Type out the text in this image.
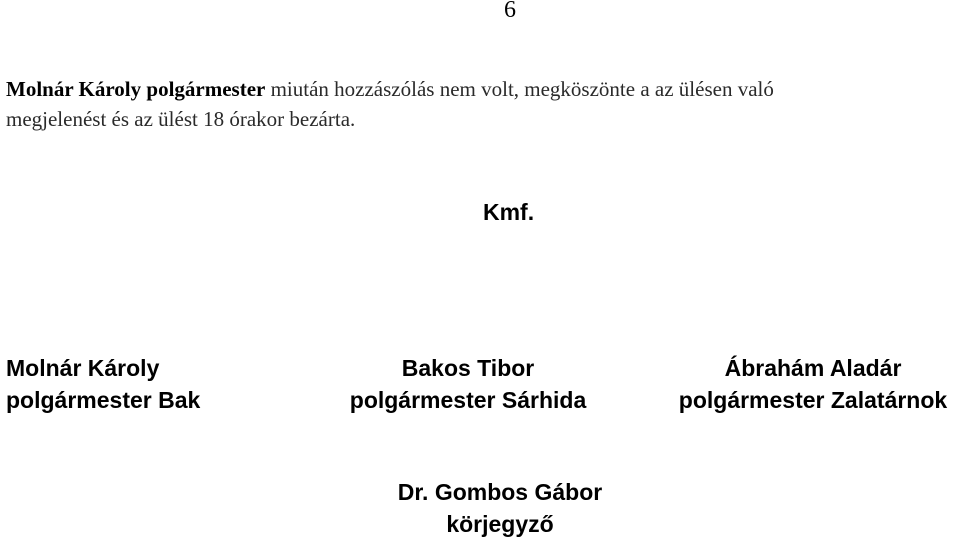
6
Molnár Károly polgármester miután hozzászólás nem volt, megköszönte a az ülésen való
megjelenést és az ülést 18 órakor bezárta.
Kmf.
Molnár Károly
polgármester Bak
Bakos Tibor
polgármester Sárhida
Ábrahám Aladár
polgármester Zalatárnok
Dr. Gombos Gábor
körjegyző
